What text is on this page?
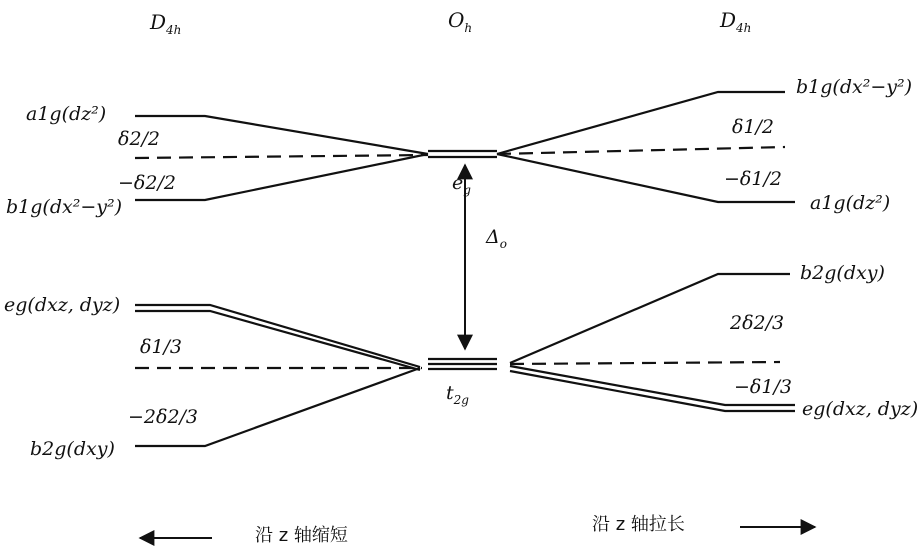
$D_{4h}$	$O_h$	$D_{4h}$
$e_g$
$\Delta_o$
$t_{2g}$
a1g(dz²)
δ2/2
−δ2/2
b1g(dx²−y²)
eg(dxz, dyz)
δ1/3
−2δ2/3
b2g(dxy)
b1g(dx²−y²)
δ1/2
−δ1/2
a1g(dz²)
b2g(dxy)
2δ2/3
−δ1/3
eg(dxz, dyz)
沿 z 轴缩短
沿 z 轴拉长
